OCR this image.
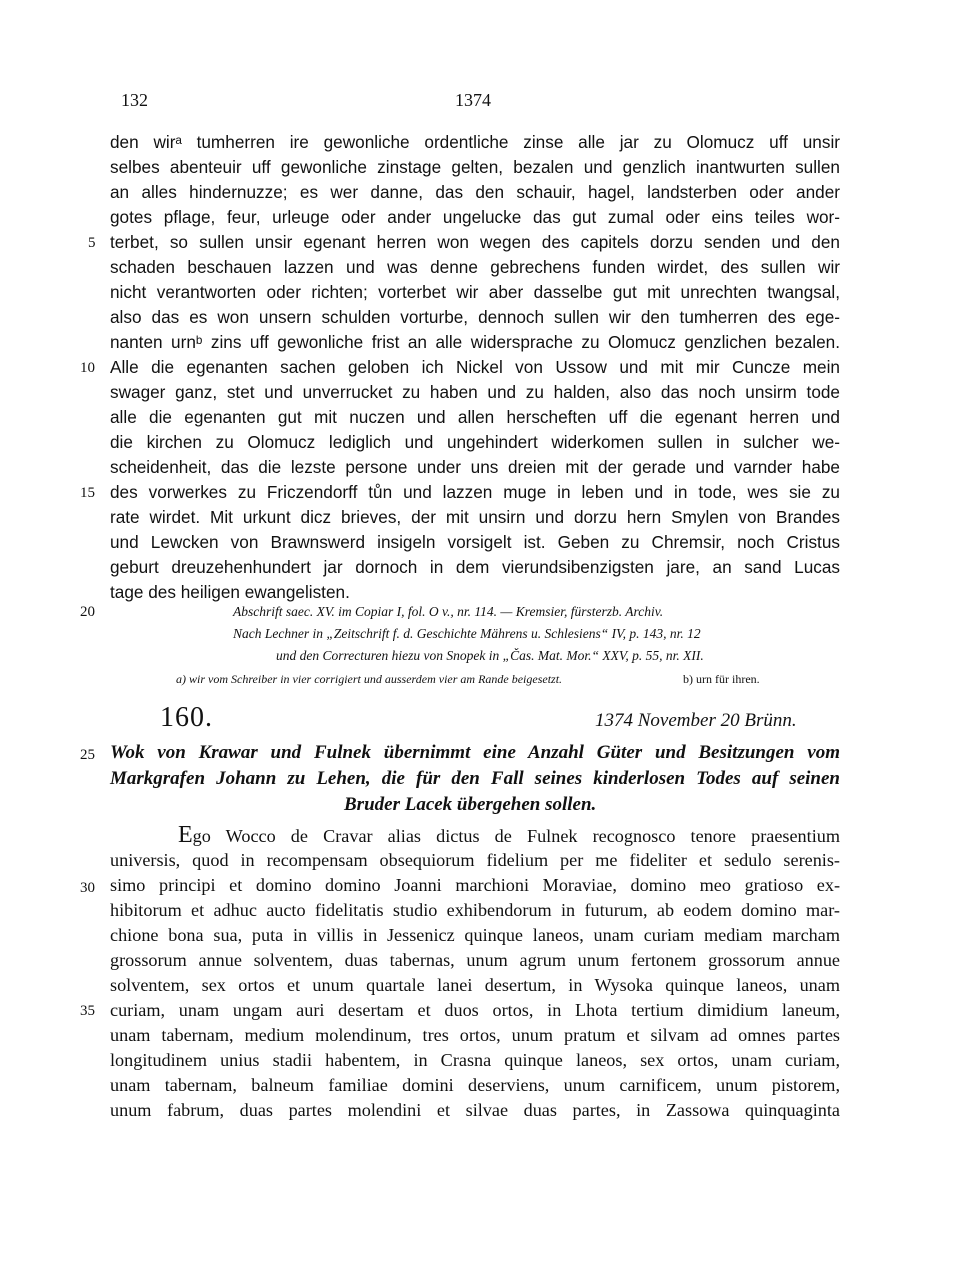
132	1374
den wirᵃ tumherren ire gewonliche ordentliche zinse alle jar zu Olomucz uff unsir
selbes abenteuir uff gewonliche zinstage gelten, bezalen und genzlich inantwurten sullen
an alles hindernuzze; es wer danne, das den schauir, hagel, landsterben oder ander
gotes pflage, feur, urleuge oder ander ungelucke das gut zumal oder eins teiles wor-
terbet, so sullen unsir egenant herren won wegen des capitels dorzu senden und den
schaden beschauen lazzen und was denne gebrechens funden wirdet, des sullen wir
nicht verantworten oder richten; vorterbet wir aber dasselbe gut mit unrechten twangsal,
also das es won unsern schulden vorturbe, dennoch sullen wir den tumherren des ege-
nanten urnᵇ zins uff gewonliche frist an alle widersprache zu Olomucz genzlichen bezalen.
Alle die egenanten sachen geloben ich Nickel von Ussow und mit mir Cuncze mein
swager ganz, stet und unverrucket zu haben und zu halden, also das noch unsirm tode
alle die egenanten gut mit nuczen und allen herscheften uff die egenant herren und
die kirchen zu Olomucz lediglich und ungehindert widerkomen sullen in sulcher we-
scheidenheit, das die lezste persone under uns dreien mit der gerade und varnder habe
des vorwerkes zu Friczendorff tůn und lazzen muge in leben und in tode, wes sie zu
rate wirdet. Mit urkunt dicz brieves, der mit unsirn und dorzu hern Smylen von Brandes
und Lewcken von Brawnswerd insigeln vorsigelt ist. Geben zu Chremsir, noch Cristus
geburt dreuzehenhundert jar dornoch in dem vierundsibenzigsten jare, an sand Lucas
tage des heiligen ewangelisten.
5
10
15
20
25
30
35
Abschrift saec. XV. im Copiar I, fol. O v., nr. 114. — Kremsier, fürsterzb. Archiv.
Nach Lechner in „Zeitschrift f. d. Geschichte Mährens u. Schlesiens“ IV, p. 143, nr. 12
und den Correcturen hiezu von Snopek in „Čas. Mat. Mor.“ XXV, p. 55, nr. XII.
a) wir vom Schreiber in vier corrigiert und ausserdem vier am Rande beigesetzt.	b) urn für ihren.
160.	1374 November 20 Brünn.
Wok von Krawar und Fulnek übernimmt eine Anzahl Güter und Besitzungen vom
Markgrafen Johann zu Lehen, die für den Fall seines kinderlosen Todes auf seinen
Bruder Lacek übergehen sollen.
Ego Wocco de Cravar alias dictus de Fulnek recognosco tenore praesentium
universis, quod in recompensam obsequiorum fidelium per me fideliter et sedulo serenis-
simo principi et domino domino Joanni marchioni Moraviae, domino meo gratioso ex-
hibitorum et adhuc aucto fidelitatis studio exhibendorum in futurum, ab eodem domino mar-
chione bona sua, puta in villis in Jessenicz quinque laneos, unam curiam mediam marcham
grossorum annue solventem, duas tabernas, unum agrum unum fertonem grossorum annue
solventem, sex ortos et unum quartale lanei desertum, in Wysoka quinque laneos, unam
curiam, unam ungam auri desertam et duos ortos, in Lhota tertium dimidium laneum,
unam tabernam, medium molendinum, tres ortos, unum pratum et silvam ad omnes partes
longitudinem unius stadii habentem, in Crasna quinque laneos, sex ortos, unam curiam,
unam tabernam, balneum familiae domini deserviens, unum carnificem, unum pistorem,
unum fabrum, duas partes molendini et silvae duas partes, in Zassowa quinquaginta
